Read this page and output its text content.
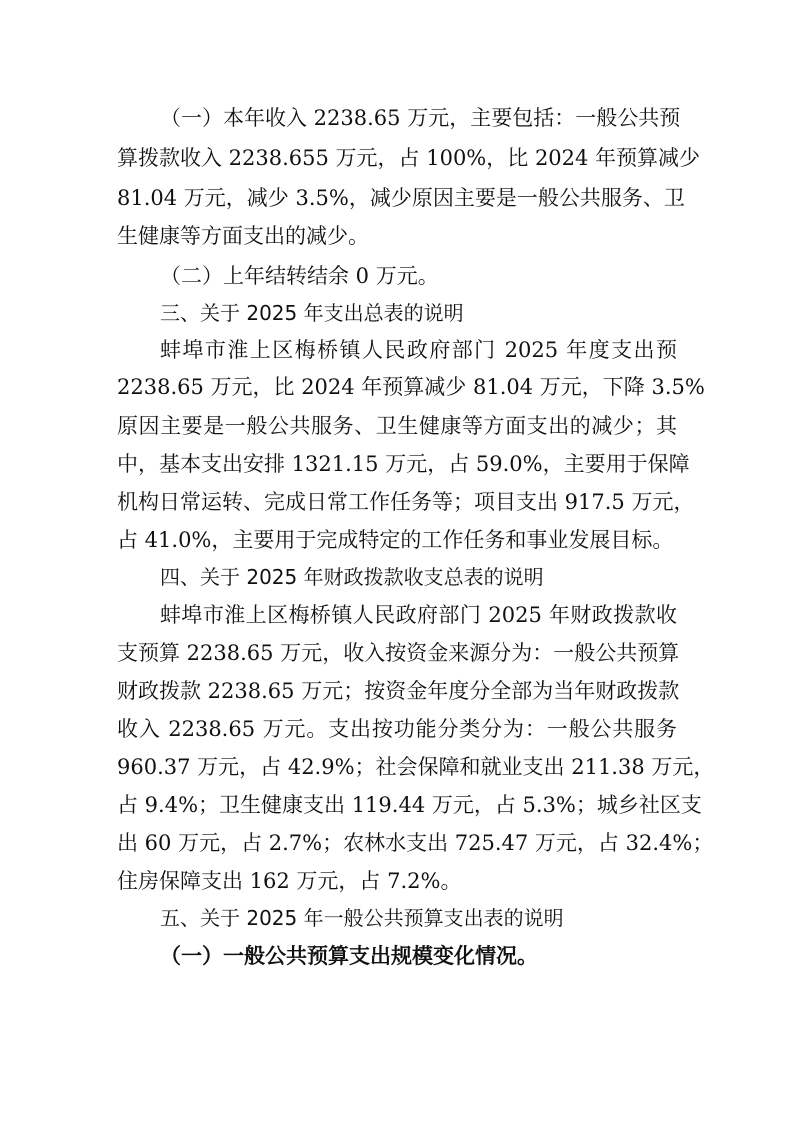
（一）本年收入 2238.65 万元，主要包括：一般公共预
算拨款收入 2238.655 万元，占 100%，比 2024 年预算减少
81.04 万元，减少 3.5%，减少原因主要是一般公共服务、卫
生健康等方面支出的减少。
（二）上年结转结余 0 万元。
三、关于 2025 年支出总表的说明
蚌埠市淮上区梅桥镇人民政府部门 2025 年度支出预
2238.65 万元，比 2024 年预算减少 81.04 万元，下降 3.5%
原因主要是一般公共服务、卫生健康等方面支出的减少；其
中，基本支出安排 1321.15 万元，占 59.0%，主要用于保障
机构日常运转、完成日常工作任务等；项目支出 917.5 万元，
占 41.0%，主要用于完成特定的工作任务和事业发展目标。
四、关于 2025 年财政拨款收支总表的说明
蚌埠市淮上区梅桥镇人民政府部门 2025 年财政拨款收
支预算 2238.65 万元，收入按资金来源分为：一般公共预算
财政拨款 2238.65 万元；按资金年度分全部为当年财政拨款
收入 2238.65 万元。支出按功能分类分为：一般公共服务
960.37 万元，占 42.9%；社会保障和就业支出 211.38 万元，
占 9.4%；卫生健康支出 119.44 万元，占 5.3%；城乡社区支
出 60 万元，占 2.7%；农林水支出 725.47 万元，占 32.4%；
住房保障支出 162 万元，占 7.2%。
五、关于 2025 年一般公共预算支出表的说明
（一）一般公共预算支出规模变化情况。
